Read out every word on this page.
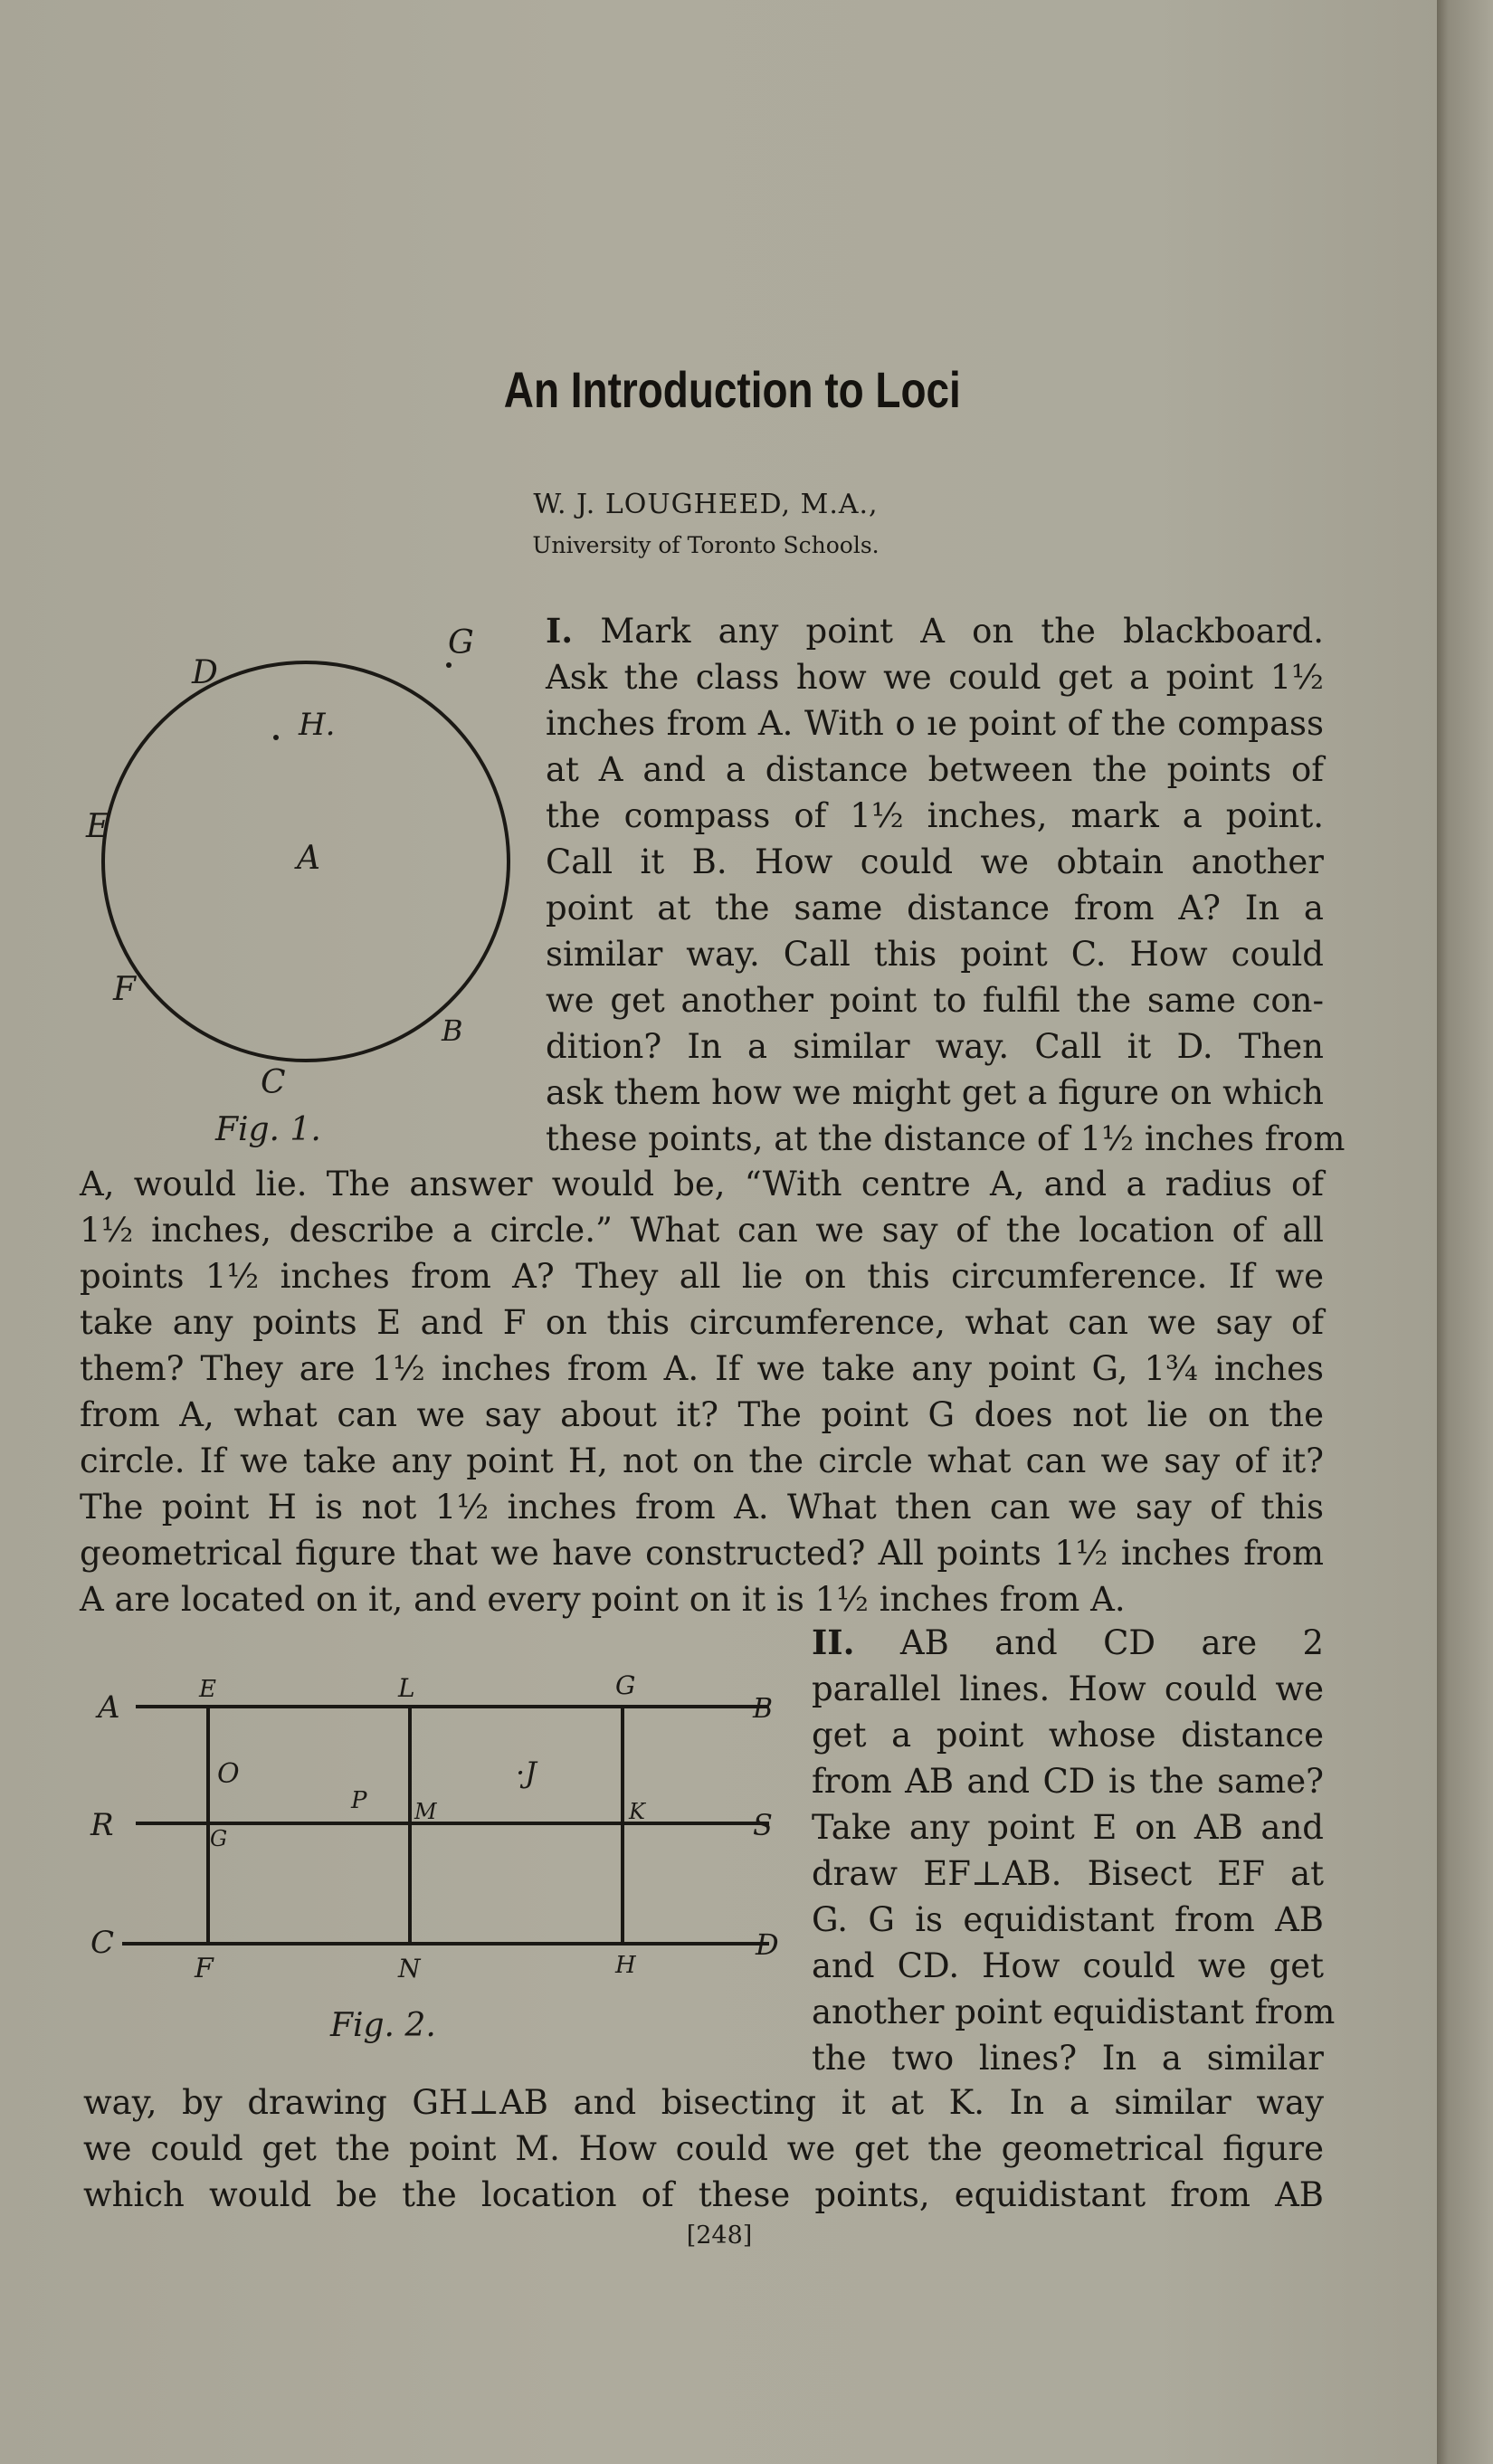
An Introduction to Loci
W. J. LOUGHEED, M.A.,
University of Toronto Schools.
D
G
H.
E
A
F
B
C
Fig. 1.
I. Mark any point A on the blackboard.
Ask the class how we could get a point 1½
inches from A. With o ıe point of the compass
at A and a distance between the points of
the compass of 1½ inches, mark a point.
Call it B. How could we obtain another
point at the same distance from A? In a
similar way. Call this point C. How could
we get another point to fulfil the same con-
dition? In a similar way. Call it D. Then
ask them how we might get a figure on which
these points, at the distance of 1½ inches from
A, would lie. The answer would be, “With centre A, and a radius of
1½ inches, describe a circle.” What can we say of the location of all
points 1½ inches from A? They all lie on this circumference. If we
take any points E and F on this circumference, what can we say of
them? They are 1½ inches from A. If we take any point G, 1¾ inches
from A, what can we say about it? The point G does not lie on the
circle. If we take any point H, not on the circle what can we say of it?
The point H is not 1½ inches from A. What then can we say of this
geometrical figure that we have constructed? All points 1½ inches from
A are located on it, and every point on it is 1½ inches from A.
A	E	L	G
B
O
P M
·J
K
R	G	S
C	D
F	N	H
Fig. 2.
II. AB and CD are 2
parallel lines. How could we
get a point whose distance
from AB and CD is the same?
Take any point E on AB and
draw EF⊥AB. Bisect EF at
G. G is equidistant from AB
and CD. How could we get
another point equidistant from
the two lines? In a similar
way, by drawing GH⊥AB and bisecting it at K. In a similar way
we could get the point M. How could we get the geometrical figure
which would be the location of these points, equidistant from AB
[248]
